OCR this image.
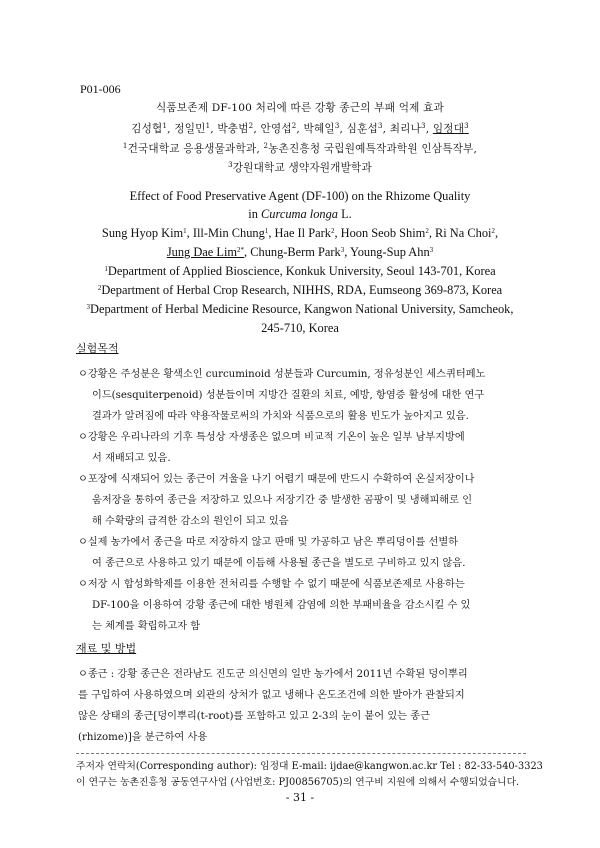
P01-006
식품보존제 DF-100 처리에 따른 강황 종근의 부패 억제 효과
김성협$^1$, 정일민$^1$, 박충범$^2$, 안영섭$^2$, 박혜일$^3$, 심훈섭$^3$, 최리나$^3$, 임정대$^3$
$^1$건국대학교 응용생물과학과, $^2$농촌진흥청 국립원예특작과학원 인삼특작부,
$^3$강원대학교 생약자원개발학과
Effect of Food Preservative Agent (DF-100) on the Rhizome Quality
in Curcuma longa L.
Sung Hyop Kim$^1$, Ill-Min Chung$^1$, Hae Il Park$^2$, Hoon Seob Shim$^2$, Ri Na Choi$^2$,
Jung Dae Lim$^{2*}$, Chung-Berm Park$^3$, Young-Sup Ahn$^3$
$^1$Department of Applied Bioscience, Konkuk University, Seoul 143-701, Korea
$^2$Department of Herbal Crop Research, NIHHS, RDA, Eumseong 369-873, Korea
$^3$Department of Herbal Medicine Resource, Kangwon National University, Samcheok,
245-710, Korea
실험목적
ㅇ강황은 주성분은 황색소인 curcuminoid 성분들과 Curcumin, 정유성분인 세스퀴터페노
이드(sesquiterpenoid) 성분들이며 지방간 질환의 치료, 예방, 항염증 활성에 대한 연구
결과가 알려짐에 따라 약용작물로써의 가치와 식품으로의 활용 빈도가 높아지고 있음.
ㅇ강황은 우리나라의 기후 특성상 자생종은 없으며 비교적 기온이 높은 일부 남부지방에
서 재배되고 있음.
ㅇ포장에 식재되어 있는 종근이 겨울을 나기 어렵기 때문에 반드시 수확하여 온실저장이나
움저장을 통하여 종근을 저장하고 있으나 저장기간 중 발생한 곰팡이 및 냉해피해로 인
해 수확량의 급격한 감소의 원인이 되고 있음
ㅇ실제 농가에서 종근을 따로 저장하지 않고 판매 및 가공하고 남은 뿌리덩이를 선별하
여 종근으로 사용하고 있기 때문에 이듬해 사용될 종근을 별도로 구비하고 있지 않음.
ㅇ저장 시 합성화학제를 이용한 전처리를 수행할 수 없기 때문에 식품보존제로 사용하는
DF-100을 이용하여 강황 종근에 대한 병원체 감염에 의한 부패비율을 감소시킬 수 있
는 체계를 확립하고자 함
재료 및 방법
ㅇ종근 : 강황 종근은 전라남도 진도군 의신면의 일반 농가에서 2011년 수확된 덩이뿌리
를 구입하여 사용하였으며 외관의 상처가 없고 냉해나 온도조건에 의한 발아가 관찰되지
않은 상태의 종근[덩이뿌리(t-root)를 포함하고 있고 2-3의 눈이 붙어 있는 종근
(rhizome)]을 분근하여 사용
주저자 연락처(Corresponding author): 임정대 E-mail: ijdae@kangwon.ac.kr Tel : 82-33-540-3323
이 연구는 농촌진흥청 공동연구사업 (사업번호: PJ00856705)의 연구비 지원에 의해서 수행되었습니다.
- 31 -
